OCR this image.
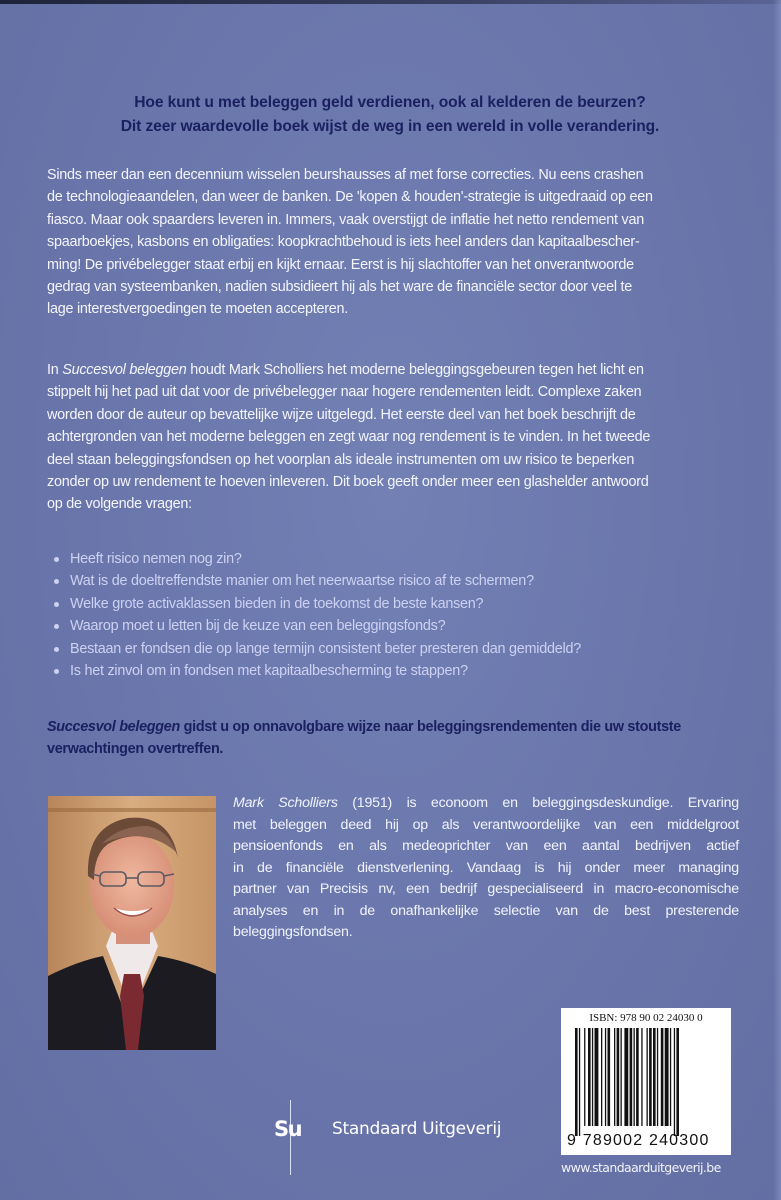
Hoe kunt u met beleggen geld verdienen, ook al kelderen de beurzen?
Dit zeer waardevolle boek wijst de weg in een wereld in volle verandering.
Sinds meer dan een decennium wisselen beurshausses af met forse correcties. Nu eens crashen
de technologieaandelen, dan weer de banken. De 'kopen & houden'-strategie is uitgedraaid op een
fiasco. Maar ook spaarders leveren in. Immers, vaak overstijgt de inflatie het netto rendement van
spaarboekjes, kasbons en obligaties: koopkrachtbehoud is iets heel anders dan kapitaalbescher-
ming! De privébelegger staat erbij en kijkt ernaar. Eerst is hij slachtoffer van het onverantwoorde
gedrag van systeembanken, nadien subsidieert hij als het ware de financiële sector door veel te
lage interestvergoedingen te moeten accepteren.
In Succesvol beleggen houdt Mark Scholliers het moderne beleggingsgebeuren tegen het licht en
stippelt hij het pad uit dat voor de privébelegger naar hogere rendementen leidt. Complexe zaken
worden door de auteur op bevattelijke wijze uitgelegd. Het eerste deel van het boek beschrijft de
achtergronden van het moderne beleggen en zegt waar nog rendement is te vinden. In het tweede
deel staan beleggingsfondsen op het voorplan als ideale instrumenten om uw risico te beperken
zonder op uw rendement te hoeven inleveren. Dit boek geeft onder meer een glashelder antwoord
op de volgende vragen:
Heeft risico nemen nog zin?
Wat is de doeltreffendste manier om het neerwaartse risico af te schermen?
Welke grote activaklassen bieden in de toekomst de beste kansen?
Waarop moet u letten bij de keuze van een beleggingsfonds?
Bestaan er fondsen die op lange termijn consistent beter presteren dan gemiddeld?
Is het zinvol om in fondsen met kapitaalbescherming te stappen?
Succesvol beleggen gidst u op onnavolgbare wijze naar beleggingsrendementen die uw stoutste
verwachtingen overtreffen.
Mark Scholliers (1951) is econoom en beleggingsdeskundige. Ervaring
met beleggen deed hij op als verantwoordelijke van een middelgroot
pensioenfonds en als medeoprichter van een aantal bedrijven actief
in de financiële dienstverlening. Vandaag is hij onder meer managing
partner van Precisis nv, een bedrijf gespecialiseerd in macro-economische
analyses en in de onafhankelijke selectie van de best presterende
beleggingsfondsen.
ISBN: 978 90 02 24030 0
9 789002 240300
www.standaarduitgeverij.be
Su Standaard Uitgeverij
